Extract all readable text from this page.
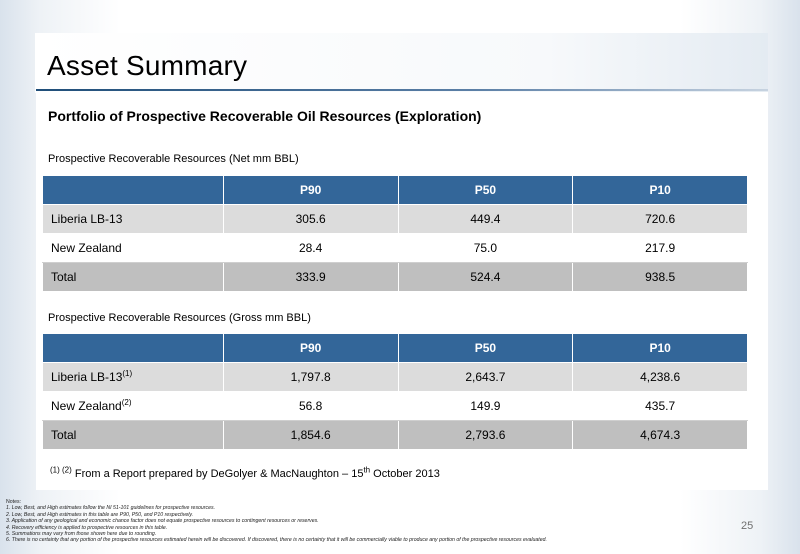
Asset Summary
Portfolio of Prospective Recoverable Oil Resources (Exploration)
Prospective Recoverable Resources (Net mm BBL)
	P90	P50	P10
Liberia LB-13	305.6	449.4	720.6
New Zealand	28.4	75.0	217.9
Total	333.9	524.4	938.5
Prospective Recoverable Resources (Gross mm BBL)
	P90	P50	P10
Liberia LB-13$^{(1)}$	1,797.8	2,643.7	4,238.6
New Zealand$^{(2)}$	56.8	149.9	435.7
Total	1,854.6	2,793.6	4,674.3
$^{(1) (2)}$ From a Report prepared by DeGolyer & MacNaughton – 15th October 2013
Notes:
1. Low, Best, and High estimates follow the NI 51-101 guidelines for prospective resources.
2. Low, Best, and High estimates in this table are P90, P50, and P10 respectively.
3. Application of any geological and economic chance factor does not equate prospective resources to contingent resources or reserves.
4. Recovery efficiency is applied to prospective resources in this table.
5. Summations may vary from those shown here due to rounding.
6. There is no certainty that any portion of the prospective resources estimated herein will be discovered. If discovered, there is no certainty that it will be commercially viable to produce any portion of the prospective resources evaluated.
25
